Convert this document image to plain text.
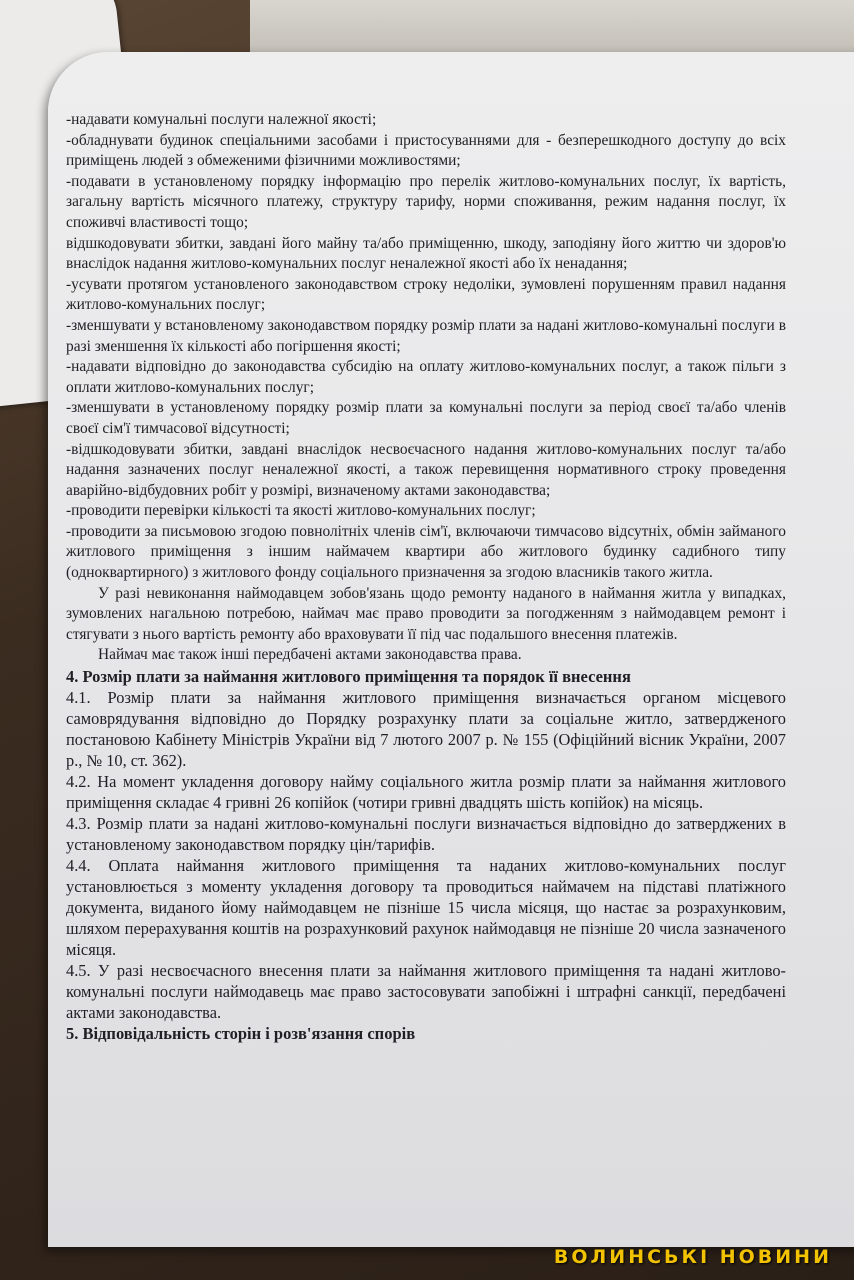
-надавати комунальні послуги належної якості;

-обладнувати будинок спеціальними засобами і пристосуваннями для - безперешкодного доступу до всіх приміщень людей з обмеженими фізичними можливостями;

-подавати в установленому порядку інформацію про перелік житлово-комунальних послуг, їх вартість, загальну вартість місячного платежу, структуру тарифу, норми споживання, режим надання послуг, їх споживчі властивості тощо;

відшкодовувати збитки, завдані його майну та/або приміщенню, шкоду, заподіяну його життю чи здоров'ю внаслідок надання житлово-комунальних послуг неналежної якості або їх ненадання;

-усувати протягом установленого законодавством строку недоліки, зумовлені порушенням правил надання житлово-комунальних послуг;

-зменшувати у встановленому законодавством порядку розмір плати за надані житлово-комунальні послуги в разі зменшення їх кількості або погіршення якості;

-надавати відповідно до законодавства субсидію на оплату житлово-комунальних послуг, а також пільги з оплати житлово-комунальних послуг;

-зменшувати в установленому порядку розмір плати за комунальні послуги за період своєї та/або членів своєї сім'ї тимчасової відсутності;

-відшкодовувати збитки, завдані внаслідок несвоєчасного надання житлово-комунальних послуг та/або надання зазначених послуг неналежної якості, а також перевищення нормативного строку проведення аварійно-відбудовних робіт у розмірі, визначеному актами законодавства;

-проводити перевірки кількості та якості житлово-комунальних послуг;

-проводити за письмовою згодою повнолітніх членів сім'ї, включаючи тимчасово відсутніх, обмін займаного житлового приміщення з іншим наймачем квартири або житлового будинку садибного типу (одноквартирного) з житлового фонду соціального призначення за згодою власників такого житла.

У разі невиконання наймодавцем зобов'язань щодо ремонту наданого в наймання житла у випадках, зумовлених нагальною потребою, наймач має право проводити за погодженням з наймодавцем ремонт і стягувати з нього вартість ремонту або враховувати її під час подальшого внесення платежів.

Наймач має також інші передбачені актами законодавства права.

4. Розмір плати за наймання житлового приміщення та порядок її внесення

4.1. Розмір плати за наймання житлового приміщення визначається органом місцевого самоврядування відповідно до Порядку розрахунку плати за соціальне житло, затвердженого постановою Кабінету Міністрів України від 7 лютого 2007 р. № 155 (Офіційний вісник України, 2007 р., № 10, ст. 362).

4.2. На момент укладення договору найму соціального житла розмір плати за наймання житлового приміщення складає 4 гривні 26 копійок (чотири гривні двадцять шість копійок) на місяць.

4.3. Розмір плати за надані житлово-комунальні послуги визначається відповідно до затверджених в установленому законодавством порядку цін/тарифів.

4.4. Оплата наймання житлового приміщення та наданих житлово-комунальних послуг установлюється з моменту укладення договору та проводиться наймачем на підставі платіжного документа, виданого йому наймодавцем не пізніше 15 числа місяця, що настає за розрахунковим, шляхом перерахування коштів на розрахунковий рахунок наймодавця не пізніше 20 числа зазначеного місяця.

4.5. У разі несвоєчасного внесення плати за наймання житлового приміщення та надані житлово-комунальні послуги наймодавець має право застосовувати запобіжні і штрафні санкції, передбачені актами законодавства.

5. Відповідальність сторін і розв'язання спорів
ВОЛИНСЬКІ НОВИНИ
